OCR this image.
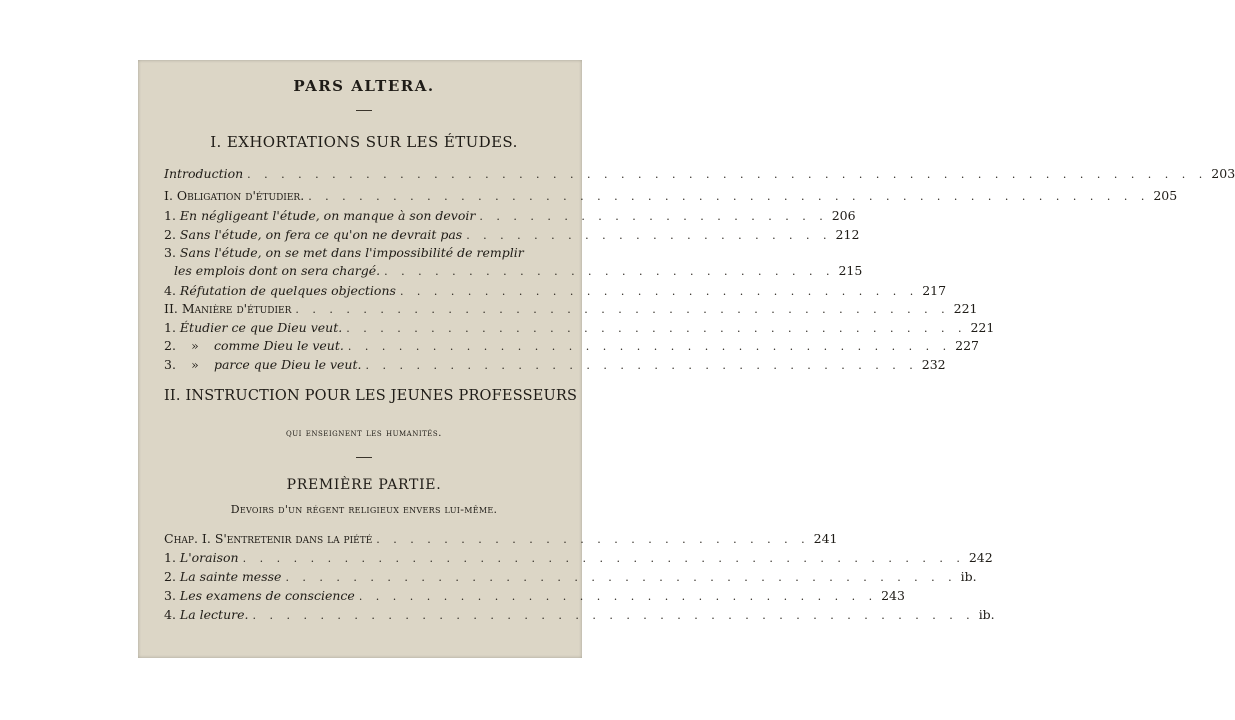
PARS ALTERA.
I. EXHORTATIONS SUR LES ÉTUDES.
Introduction . . . . . . . . . . . . . . . . . . . . . . . . . . . . . . . . . . . . . . . . . . . . . . . . . . . . . . . . . 203
I. Obligation d'étudier. . . . . . . . . . . . . . . . . . . . . . . . . . . . . . . . . . . . . . . . . . . . . . . . . . . 205
1. En négligeant l'étude, on manque à son devoir . . . . . . . . . . . . . . . . . . . . . 206
2. Sans l'étude, on fera ce qu'on ne devrait pas . . . . . . . . . . . . . . . . . . . . . . 212
3. Sans l'étude, on se met dans l'impossibilité de remplir
les emplois dont on sera chargé. . . . . . . . . . . . . . . . . . . . . . . . . . . . 215
4. Réfutation de quelques objections . . . . . . . . . . . . . . . . . . . . . . . . . . . . . . . 217
II. Manière d'étudier . . . . . . . . . . . . . . . . . . . . . . . . . . . . . . . . . . . . . . . 221
1. Étudier ce que Dieu veut. . . . . . . . . . . . . . . . . . . . . . . . . . . . . . . . . . . . . . 221
2. » comme Dieu le veut. . . . . . . . . . . . . . . . . . . . . . . . . . . . . . . . . . . . . 227
3. » parce que Dieu le veut. . . . . . . . . . . . . . . . . . . . . . . . . . . . . . . . . . 232
II. INSTRUCTION POUR LES JEUNES PROFESSEURS
qui enseignent les humanités.
PREMIÈRE PARTIE.
Devoirs d'un régent religieux envers lui-même.
Chap. I. S'entretenir dans la piété . . . . . . . . . . . . . . . . . . . . . . . . . . 241
1. L'oraison . . . . . . . . . . . . . . . . . . . . . . . . . . . . . . . . . . . . . . . . . . . 242
2. La sainte messe . . . . . . . . . . . . . . . . . . . . . . . . . . . . . . . . . . . . . . . . ib.
3. Les examens de conscience . . . . . . . . . . . . . . . . . . . . . . . . . . . . . . . 243
4. La lecture. . . . . . . . . . . . . . . . . . . . . . . . . . . . . . . . . . . . . . . . . . . . ib.
